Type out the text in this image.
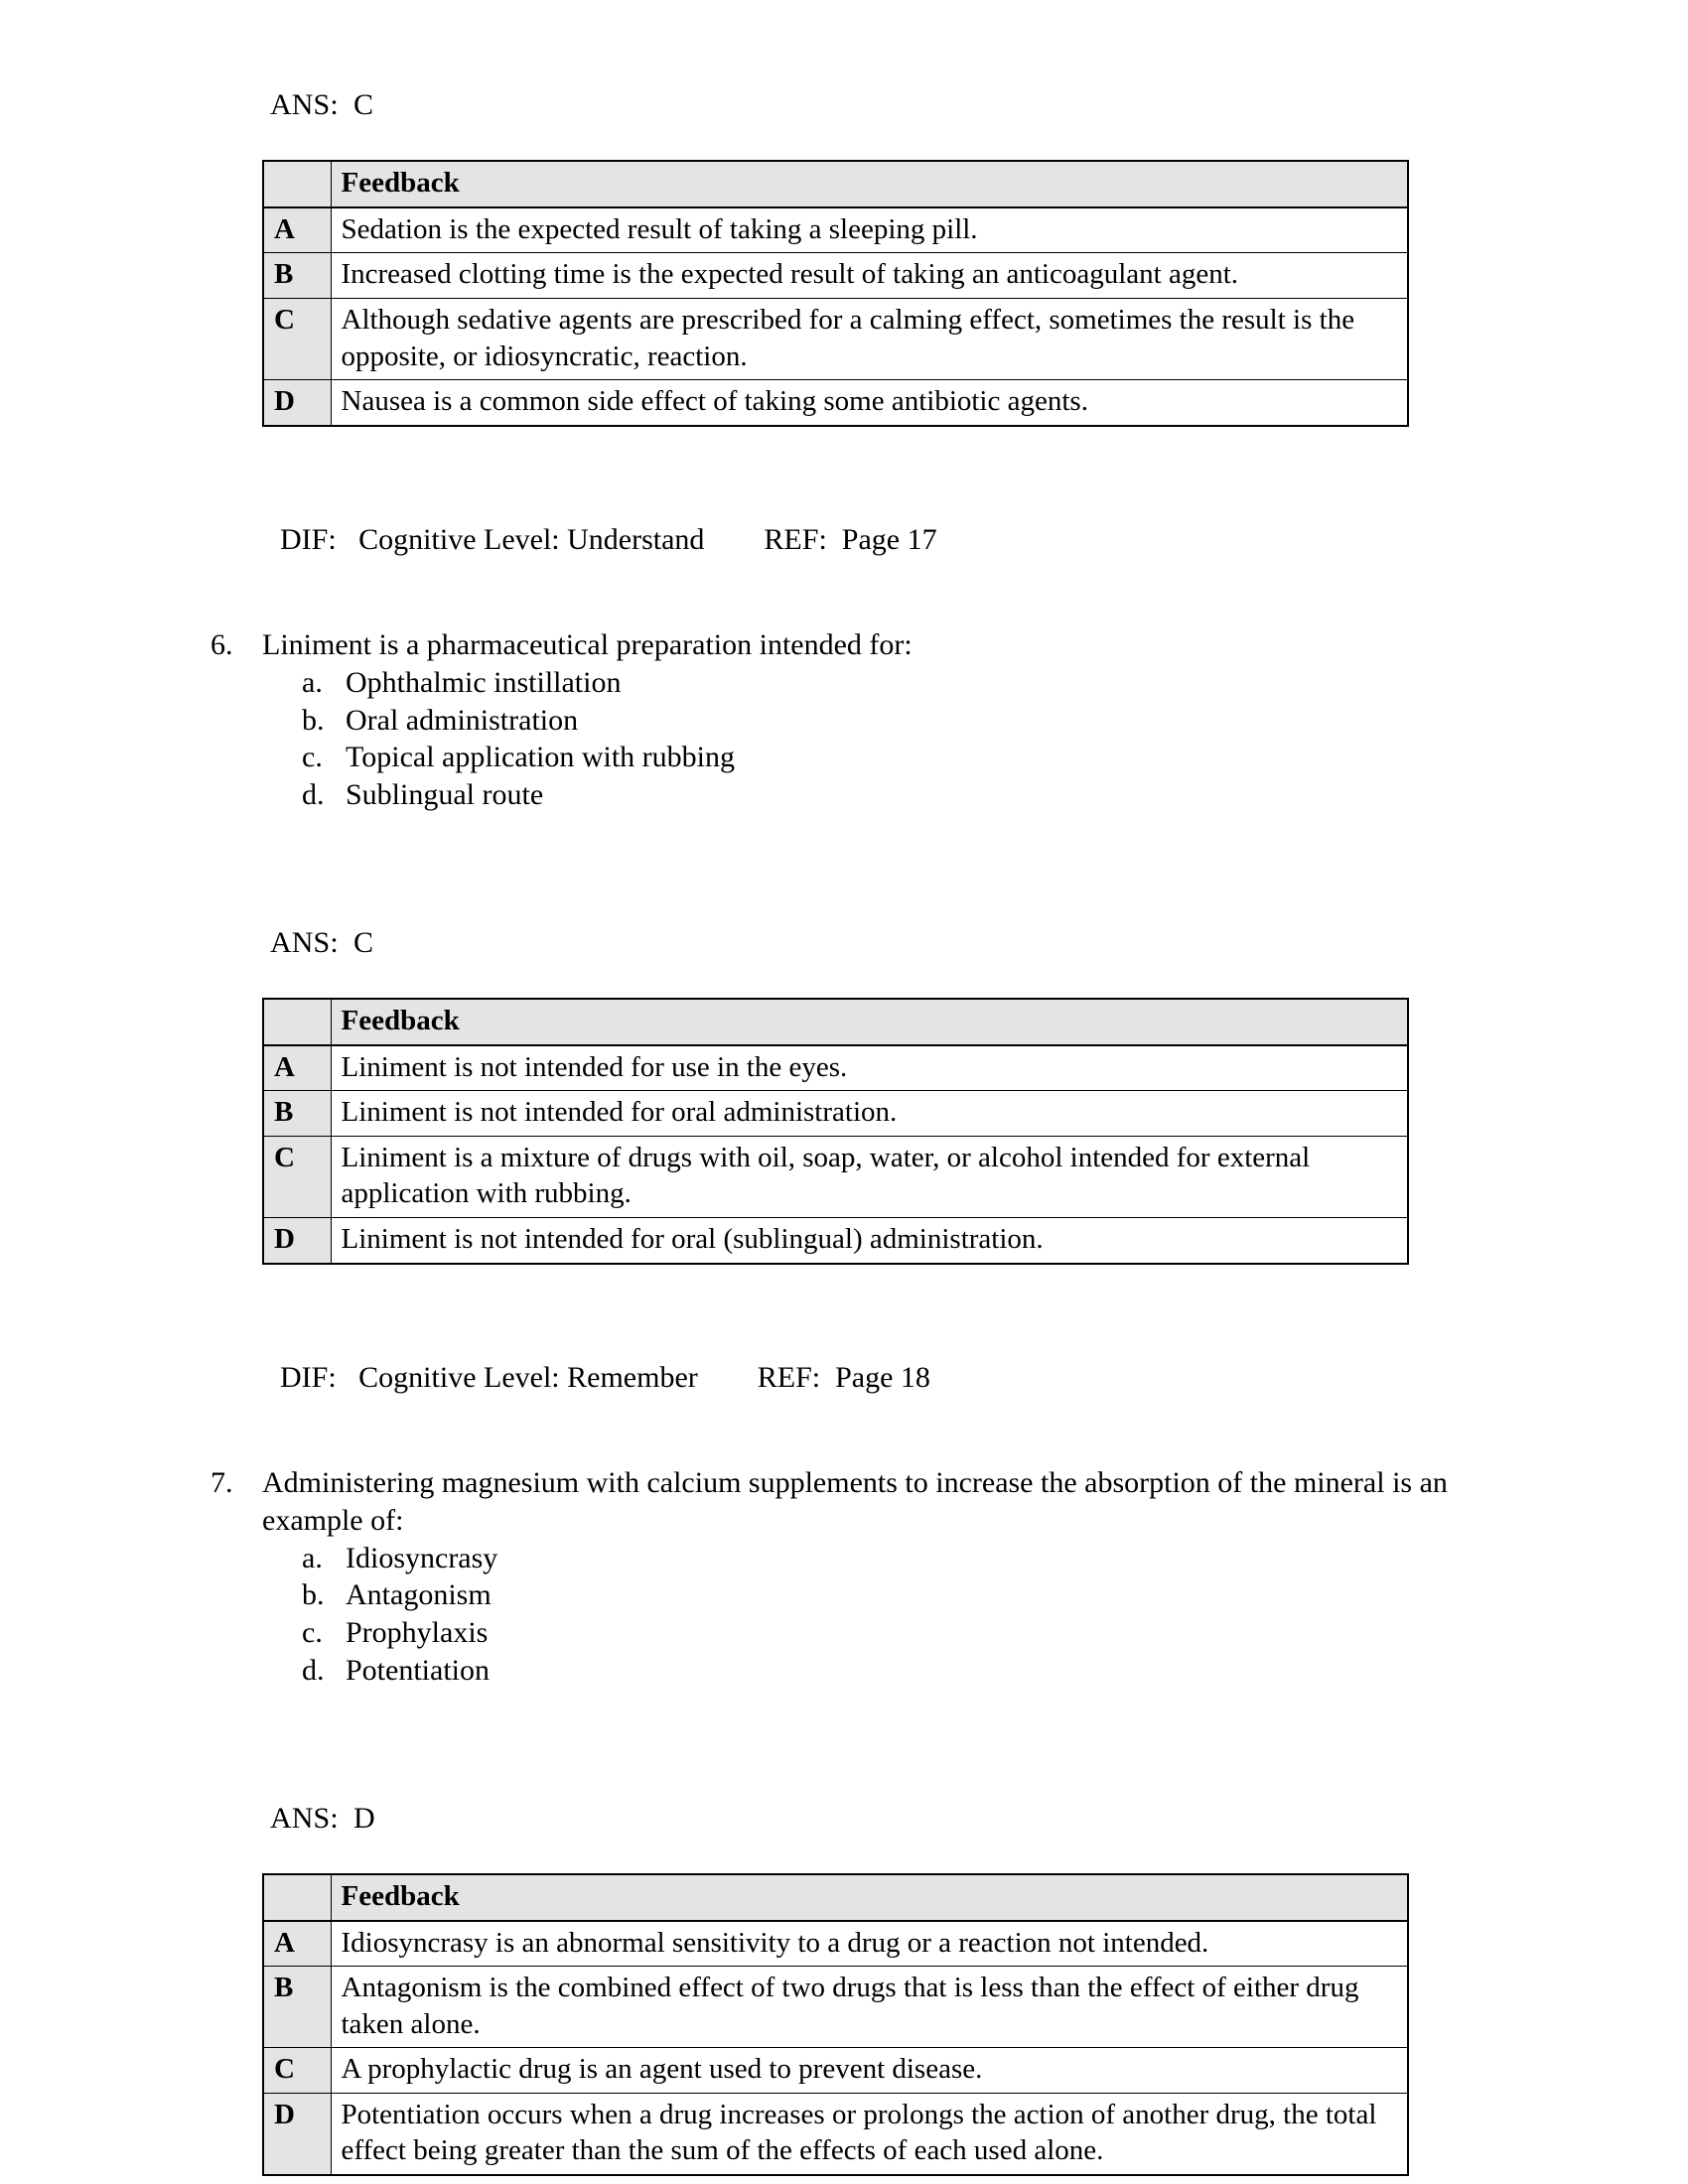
ANS:  C
	Feedback
A	Sedation is the expected result of taking a sleeping pill.
B	Increased clotting time is the expected result of taking an anticoagulant agent.
C	Although sedative agents are prescribed for a calming effect, sometimes the result is the opposite, or idiosyncratic, reaction.
D	Nausea is a common side effect of taking some antibiotic agents.
DIF:   Cognitive Level: Understand        REF:  Page 17
6. Liniment is a pharmaceutical preparation intended for:
a. Ophthalmic instillation
b. Oral administration
c. Topical application with rubbing
d. Sublingual route
ANS:  C
	Feedback
A	Liniment is not intended for use in the eyes.
B	Liniment is not intended for oral administration.
C	Liniment is a mixture of drugs with oil, soap, water, or alcohol intended for external application with rubbing.
D	Liniment is not intended for oral (sublingual) administration.
DIF:   Cognitive Level: Remember        REF:  Page 18
7. Administering magnesium with calcium supplements to increase the absorption of the mineral is an example of:
a. Idiosyncrasy
b. Antagonism
c. Prophylaxis
d. Potentiation
ANS:  D
	Feedback
A	Idiosyncrasy is an abnormal sensitivity to a drug or a reaction not intended.
B	Antagonism is the combined effect of two drugs that is less than the effect of either drug taken alone.
C	A prophylactic drug is an agent used to prevent disease.
D	Potentiation occurs when a drug increases or prolongs the action of another drug, the total effect being greater than the sum of the effects of each used alone.
